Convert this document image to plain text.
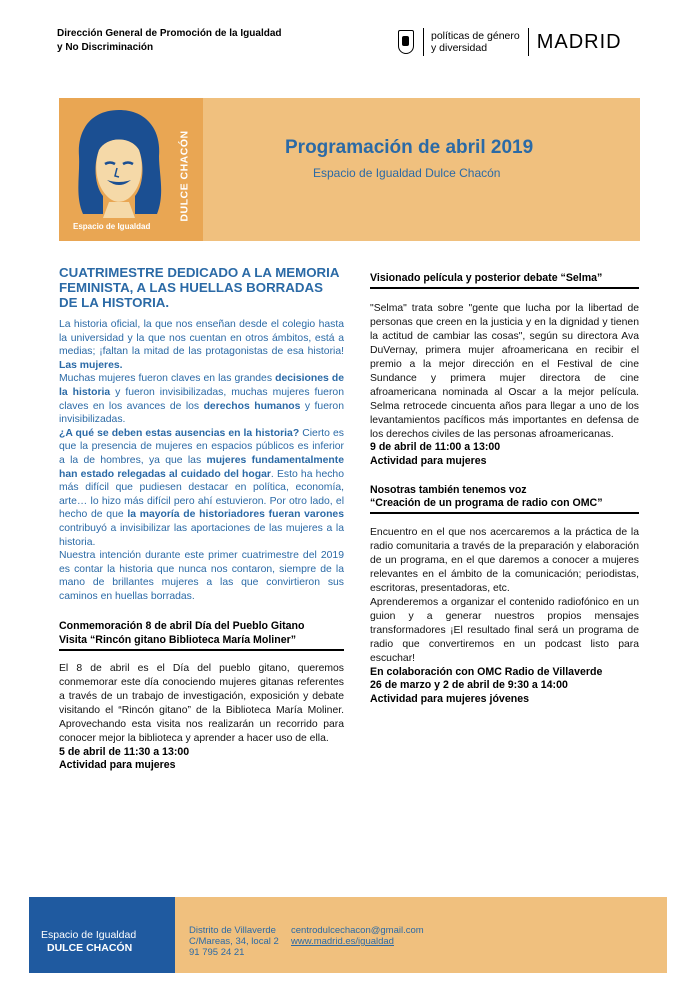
Dirección General de Promoción de la Igualdad
y No Discriminación
políticas de género
y diversidad	MADRID
DULCE CHACÓN
Espacio de Igualdad
Programación de abril 2019
Espacio de Igualdad Dulce Chacón
CUATRIMESTRE DEDICADO A LA MEMORIA FEMINISTA, A LAS HUELLAS BORRADAS DE LA HISTORIA.
La historia oficial, la que nos enseñan desde el colegio hasta la universidad y la que nos cuentan en otros ámbitos, está a medias; ¡faltan la mitad de las protagonistas de esa historia! Las mujeres.
Muchas mujeres fueron claves en las grandes decisiones de la historia y fueron invisibilizadas, muchas mujeres fueron claves en los avances de los derechos humanos y fueron invisibilizadas.
¿A qué se deben estas ausencias en la historia? Cierto es que la presencia de mujeres en espacios públicos es inferior a la de hombres, ya que las mujeres fundamentalmente han estado relegadas al cuidado del hogar. Esto ha hecho más difícil que pudiesen destacar en política, economía, arte… lo hizo más difícil pero ahí estuvieron. Por otro lado, el hecho de que la mayoría de historiadores fueran varones contribuyó a invisibilizar las aportaciones de las mujeres a la historia.
Nuestra intención durante este primer cuatrimestre del 2019 es contar la historia que nunca nos contaron, siempre de la mano de brillantes mujeres a las que convirtieron sus caminos en huellas borradas.
Conmemoración 8 de abril Día del Pueblo Gitano
Visita “Rincón gitano Biblioteca María Moliner”
El 8 de abril es el Día del pueblo gitano, queremos conmemorar este día conociendo mujeres gitanas referentes a través de un trabajo de investigación, exposición y debate visitando el “Rincón gitano” de la Biblioteca María Moliner. Aprovechando esta visita nos realizarán un recorrido para conocer mejor la biblioteca y aprender a hacer uso de ella.
5 de abril de 11:30 a 13:00
Actividad para mujeres
Visionado película y posterior debate “Selma”
"Selma" trata sobre "gente que lucha por la libertad de personas que creen en la justicia y en la dignidad y tienen la actitud de cambiar las cosas", según su directora Ava DuVernay, primera mujer afroamericana en recibir el premio a la mejor dirección en el Festival de cine Sundance y primera mujer directora de cine afroamericana nominada al Oscar a la mejor película. Selma retrocede cincuenta años para llegar a uno de los levantamientos pacíficos más importantes en defensa de los derechos civiles de las personas afroamericanas.
9 de abril de 11:00 a 13:00
Actividad para mujeres
Nosotras también tenemos voz
“Creación de un programa de radio con OMC”
Encuentro en el que nos acercaremos a la práctica de la radio comunitaria a través de la preparación y elaboración de un programa, en el que daremos a conocer a mujeres relevantes en el ámbito de la comunicación; periodistas, escritoras, presentadoras, etc.
Aprenderemos a organizar el contenido radiofónico en un guion y a generar nuestros propios mensajes transformadores ¡El resultado final será un programa de radio que convertiremos en un podcast listo para escuchar!
En colaboración con OMC Radio de Villaverde
26 de marzo y 2 de abril de 9:30 a 14:00
Actividad para mujeres jóvenes
Espacio de Igualdad
DULCE CHACÓN
Distrito de Villaverde
C/Mareas, 34, local 2
91 795 24 21
centrodulcechacon@gmail.com
www.madrid.es/igualdad
